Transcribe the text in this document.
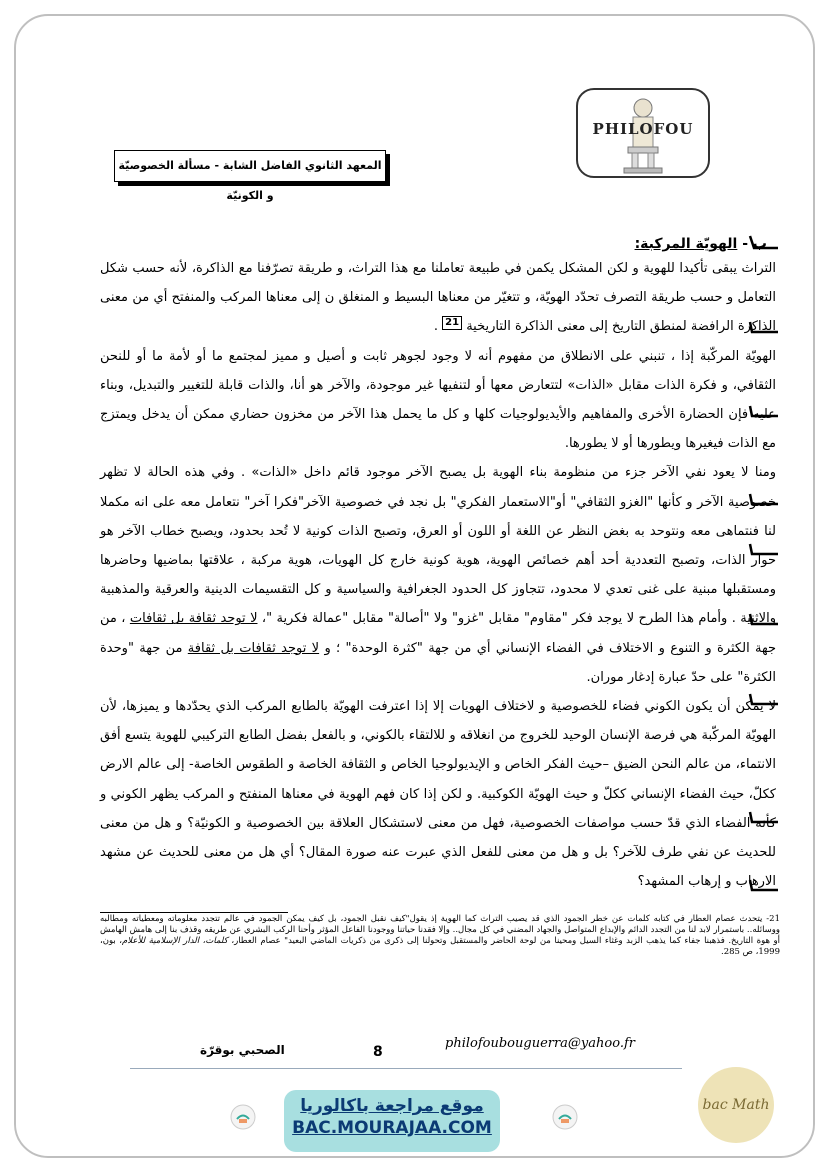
PHILOFOU
المعهد الثانوي الفاضل الشابة - مسألة الخصوصيّة و الكونيّة
ب - الهويّة المركبة:

التراث يبقى تأكيدا للهوية و لكن المشكل يكمن في طبيعة تعاملنا مع هذا التراث، و طريقة تصرّفنا مع الذاكرة، لأنه حسب شكل التعامل و حسب طريقة التصرف تحدّد الهويّة، و تتغيّر من معناها البسيط و المنغلق ن إلى معناها المركب والمنفتح أي من معنى الذاكرة الرافضة لمنطق التاريخ إلى معنى الذاكرة التاريخية 21 .

الهويّة المركّبة إذا ، تنبني على الانطلاق من مفهوم أنه لا وجود لجوهر ثابت و أصيل و مميز لمجتمع ما أو لأمة ما أو للنحن الثقافي، و فكرة الذات مقابل «الذات» لتتعارض معها أو لتنفيها غير موجودة، والآخر هو أنا، والذات قابلة للتغيير والتبديل، وبناء عليه فإن الحضارة الأخرى والمفاهيم والأيديولوجيات كلها و كل ما يحمل هذا الآخر من مخزون حضاري ممكن أن يدخل ويمتزج مع الذات فيغيرها ويطورها أو لا يطورها.

ومنا لا يعود نفي الآخر جزء من منظومة بناء الهوية بل يصبح الآخر موجود قائم داخل «الذات» . وفي هذه الحالة لا تظهر خصوصية الآخر و كأنها "الغزو الثقافي" أو"الاستعمار الفكري" بل نجد في خصوصية الآخر"فكرا آخر" نتعامل معه على انه مكملا لنا فنتماهى معه ونتوحد به بغض النظر عن اللغة أو اللون أو العرق، وتصبح الذات كونية لا تُحد بحدود، ويصبح خطاب الآخر هو حوار الذات، وتصبح التعددية أحد أهم خصائص الهوية، هوية كونية خارج كل الهويات، هوية مركبة ، علاقتها بماضيها وحاضرها ومستقبلها مبنية على غنى تعدي لا محدود، تتجاوز كل الحدود الجغرافية والسياسية و كل التقسيمات الدينية والعرقية والمذهبية والاثنية . وأمام هذا الطرح لا يوجد فكر "مقاوم" مقابل "غزو" ولا "أصالة" مقابل "عمالة فكرية "، لا توجد ثقافة بل ثقافات ، من جهة الكثرة و التنوع و الاختلاف في الفضاء الإنساني أي من جهة "كثرة الوحدة" ؛ و لا توجد ثقافات بل ثقافة من جهة "وحدة الكثرة" على حدّ عبارة إدغار موران.

لا يمكن أن يكون الكوني فضاء للخصوصية و لاختلاف الهويات إلا إذا اعترفت الهويّة بالطابع المركب الذي يحدّدها و يميزها، لأن الهويّة المركّبة هي فرصة الإنسان الوحيد للخروج من انغلاقه و للالتقاء بالكوني، و بالفعل بفضل الطابع التركيبي للهوية يتسع أفق الانتماء، من عالم النحن الضيق –حيث الفكر الخاص و الإيديولوجيا الخاص و الثقافة الخاصة و الطقوس الخاصة- إلى عالم الارض ككلّ، حيث الفضاء الإنساني ككلّ و حيث الهويّة الكوكبية. و لكن إذا كان فهم الهوية في معناها المنفتح و المركب يظهر الكوني و كأنه الفضاء الذي قدّ حسب مواصفات الخصوصية، فهل من معنى لاستشكال العلاقة بين الخصوصية و الكونيّة؟ و هل من معنى للحديث عن نفي طرف للآخر؟ بل و هل من معنى للفعل الذي عبرت عنه صورة المقال؟ أي هل من معنى للحديث عن مشهد الارهاب و إرهاب المشهد؟

21- يتحدث عصام العطار في كتابه كلمات عن خطر الجمود الذي قد يصيب التراث كما الهوية إذ يقول"كيف نقبل الجمود، بل كيف يمكن الجمود في عالم تتجدد معلوماته ومعطياته ومطالبه ووسائله.. باستمرار لابد لنا من التجدد الدائم والإبداع المتواصل والجهاد المضني في كل مجال.. وإلا فقدنا حياتنا ووجودنا الفاعل المؤثر وأحنا الركب البشري عن طريقه وقذف بنا إلى هامش الهامش أو هوة التاريخ. فذهبنا جفاء كما يذهب الزبد وغثاء السيل ومحينا من لوحة الحاضر والمستقبل وتحولنا إلى ذكرى من ذكريات الماضي البعيد" عصام العطار، كلمات، الدار الإسلامية للأعلام، بون، 1999، ص 285.
الصحبي بوقرّة	8
philofoubouguerra@yahoo.fr
موقع مراجعة باكالوريا
BAC.MOURAJAA.COM
bac Math
